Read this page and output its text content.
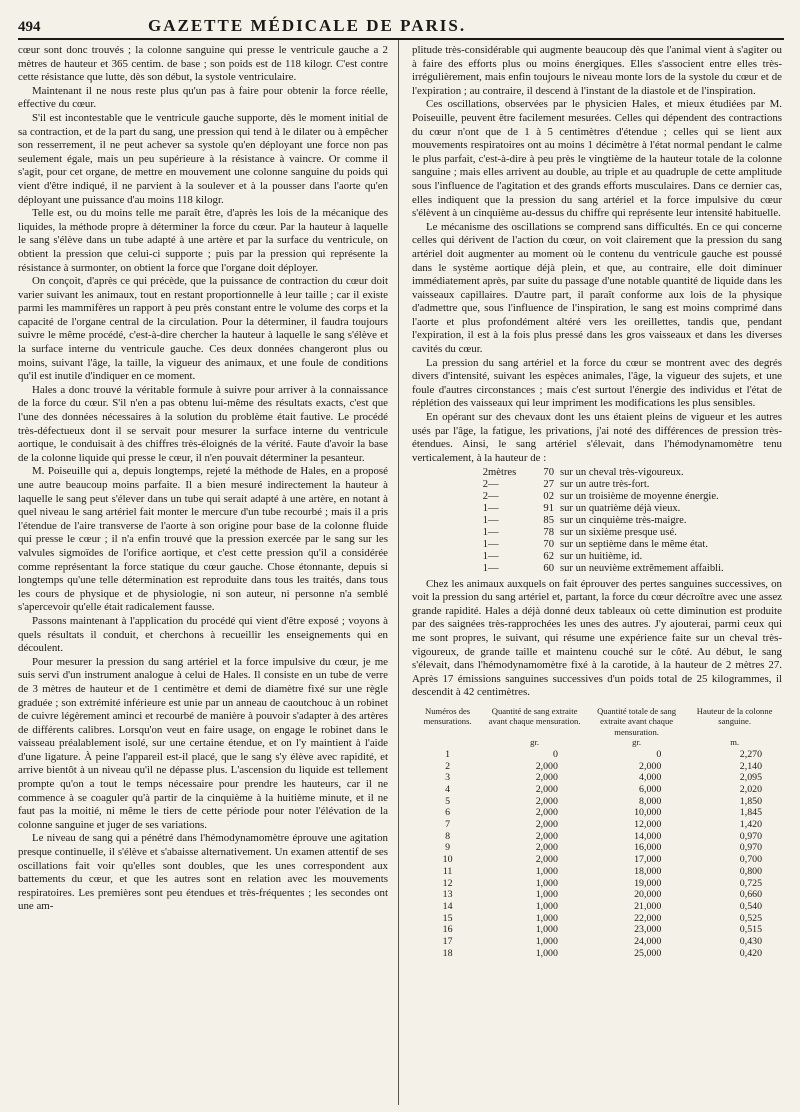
494	GAZETTE MÉDICALE DE PARIS.

cœur sont donc trouvés ; la colonne sanguine qui presse le ventricule gauche a 2 mètres de hauteur et 365 centim. de base ; son poids est de 118 kilogr. C'est contre cette résistance que lutte, dès son début, la systole ventriculaire.

Maintenant il ne nous reste plus qu'un pas à faire pour obtenir la force réelle, effective du cœur.

S'il est incontestable que le ventricule gauche supporte, dès le moment initial de sa contraction, et de la part du sang, une pression qui tend à le dilater ou à empêcher son resserrement, il ne peut achever sa systole qu'en déployant une force non pas seulement égale, mais un peu supérieure à la résistance à vaincre. Or comme il s'agit, pour cet organe, de mettre en mouvement une colonne sanguine du poids qui vient d'être indiqué, il ne parvient à la soulever et à la pousser dans l'aorte qu'en déployant une puissance d'au moins 118 kilogr.

Telle est, ou du moins telle me paraît être, d'après les lois de la mécanique des liquides, la méthode propre à déterminer la force du cœur. Par la hauteur à laquelle le sang s'élève dans un tube adapté à une artère et par la surface du ventricule, on obtient la pression que celui-ci supporte ; puis par la pression qui représente la résistance à surmonter, on obtient la force que l'organe doit déployer.

On conçoit, d'après ce qui précède, que la puissance de contraction du cœur doit varier suivant les animaux, tout en restant proportionnelle à leur taille ; car il existe parmi les mammifères un rapport à peu près constant entre le volume des corps et la capacité de l'organe central de la circulation. Pour la déterminer, il faudra toujours suivre le même procédé, c'est-à-dire chercher la hauteur à laquelle le sang s'élève et la surface interne du ventricule gauche. Ces deux données changeront plus ou moins, suivant l'âge, la taille, la vigueur des animaux, et une foule de conditions qu'il est inutile d'indiquer en ce moment.

Hales a donc trouvé la véritable formule à suivre pour arriver à la connaissance de la force du cœur. S'il n'en a pas obtenu lui-même des résultats exacts, c'est que l'une des données nécessaires à la solution du problème était fautive. Le procédé très-défectueux dont il se servait pour mesurer la surface interne du ventricule aortique, le conduisait à des chiffres très-éloignés de la vérité. Faute d'avoir la base de la colonne liquide qui presse le cœur, il n'en pouvait déterminer la pesanteur.

M. Poiseuille qui a, depuis longtemps, rejeté la méthode de Hales, en a proposé une autre beaucoup moins parfaite. Il a bien mesuré indirectement la hauteur à laquelle le sang peut s'élever dans un tube qui serait adapté à une artère, en notant à quel niveau le sang artériel fait monter le mercure d'un tube recourbé ; mais il a pris l'étendue de l'aire transverse de l'aorte à son origine pour base de la colonne fluide qui presse le cœur ; il n'a enfin trouvé que la pression exercée par le sang sur les valvules sigmoïdes de l'orifice aortique, et c'est cette pression qu'il a considérée comme représentant la force statique du cœur gauche. Chose étonnante, depuis si longtemps qu'une telle détermination est reproduite dans tous les traités, dans tous les cours de physique et de physiologie, ni son auteur, ni personne n'a semblé s'apercevoir qu'elle était radicalement fausse.

Passons maintenant à l'application du procédé qui vient d'être exposé ; voyons à quels résultats il conduit, et cherchons à recueillir les enseignements qui en découlent.

Pour mesurer la pression du sang artériel et la force impulsive du cœur, je me suis servi d'un instrument analogue à celui de Hales. Il consiste en un tube de verre de 3 mètres de hauteur et de 1 centimètre et demi de diamètre fixé sur une règle graduée ; son extrémité inférieure est unie par un anneau de caoutchouc à un robinet de cuivre légèrement aminci et recourbé de manière à pouvoir s'adapter à des artères de différents calibres. Lorsqu'on veut en faire usage, on engage le robinet dans le vaisseau préalablement isolé, sur une certaine étendue, et on l'y maintient à l'aide d'une ligature. À peine l'appareil est-il placé, que le sang s'y élève avec rapidité, et arrive bientôt à un niveau qu'il ne dépasse plus. L'ascension du liquide est tellement prompte qu'on a tout le temps nécessaire pour prendre les hauteurs, car il ne commence à se coaguler qu'à partir de la cinquième à la huitième minute, et il ne faut pas la moitié, ni même le tiers de cette période pour noter l'élévation de la colonne sanguine et juger de ses variations.

Le niveau de sang qui a pénétré dans l'hémodynamomètre éprouve une agitation presque continuelle, il s'élève et s'abaisse alternativement. Un examen attentif de ses oscillations fait voir qu'elles sont doubles, que les unes correspondent aux battements du cœur, et que les autres sont en relation avec les mouvements respiratoires. Les premières sont peu étendues et très-fréquentes ; les secondes ont une am-

plitude très-considérable qui augmente beaucoup dès que l'animal vient à s'agiter ou à faire des efforts plus ou moins énergiques. Elles s'associent entre elles très-irrégulièrement, mais enfin toujours le niveau monte lors de la systole du cœur et de l'expiration ; au contraire, il descend à l'instant de la diastole et de l'inspiration.

Ces oscillations, observées par le physicien Hales, et mieux étudiées par M. Poiseuille, peuvent être facilement mesurées. Celles qui dépendent des contractions du cœur n'ont que de 1 à 5 centimètres d'étendue ; celles qui se lient aux mouvements respiratoires ont au moins 1 décimètre à l'état normal pendant le calme le plus parfait, c'est-à-dire à peu près le vingtième de la hauteur totale de la colonne sanguine ; mais elles arrivent au double, au triple et au quadruple de cette amplitude sous l'influence de l'agitation et des grands efforts musculaires. Dans ce dernier cas, elles indiquent que la pression du sang artériel et la force impulsive du cœur s'élèvent à un cinquième au-dessus du chiffre qui représente leur intensité habituelle.

Le mécanisme des oscillations se comprend sans difficultés. En ce qui concerne celles qui dérivent de l'action du cœur, on voit clairement que la pression du sang artériel doit augmenter au moment où le contenu du ventricule gauche est poussé dans le système aortique déjà plein, et que, au contraire, elle doit diminuer immédiatement après, par suite du passage d'une notable quantité de liquide dans les vaisseaux capillaires. D'autre part, il paraît conforme aux lois de la physique d'admettre que, sous l'influence de l'inspiration, le sang est moins comprimé dans l'aorte et plus profondément altéré vers les oreillettes, tandis que, pendant l'expiration, il est à la fois plus pressé dans les gros vaisseaux et dans les diverses cavités du cœur.

La pression du sang artériel et la force du cœur se montrent avec des degrés divers d'intensité, suivant les espèces animales, l'âge, la vigueur des sujets, et une foule d'autres circonstances ; mais c'est surtout l'énergie des individus et l'état de réplétion des vaisseaux qui leur impriment les modifications les plus sensibles.

En opérant sur des chevaux dont les uns étaient pleins de vigueur et les autres usés par l'âge, la fatigue, les privations, j'ai noté des différences de pression très-étendues. Ainsi, le sang artériel s'élevait, dans l'hémodynamomètre tenu verticalement, à la hauteur de :

2 mètres	70 sur un cheval très-vigoureux.
2 —	27 sur un autre très-fort.
2 —	02 sur un troisième de moyenne énergie.
1 —	91 sur un quatrième déjà vieux.
1 —	85 sur un cinquième très-maigre.
1 —	78 sur un sixième presque usé.
1 —	70 sur un septième dans le même état.
1 —	62 sur un huitième, id.
1 —	60 sur un neuvième extrêmement affaibli.

Chez les animaux auxquels on fait éprouver des pertes sanguines successives, on voit la pression du sang artériel et, partant, la force du cœur décroître avec une assez grande rapidité. Hales a déjà donné deux tableaux où cette diminution est produite par des saignées très-rapprochées les unes des autres. J'y ajouterai, parmi ceux qui me sont propres, le suivant, qui résume une expérience faite sur un cheval très-vigoureux, de grande taille et maintenu couché sur le côté. Au début, le sang s'élevait, dans l'hémodynamomètre fixé à la carotide, à la hauteur de 2 mètres 27. Après 17 émissions sanguines successives d'un poids total de 25 kilogrammes, il descendit à 42 centimètres.

Numéros des mensurations.	Quantité de sang extraite avant chaque mensuration.	Quantité totale de sang extraite avant chaque mensuration.	Hauteur de la colonne sanguine.
	gr.	gr.	m.
1	0	0	2,270
2	2,000	2,000	2,140
3	2,000	4,000	2,095
4	2,000	6,000	2,020
5	2,000	8,000	1,850
6	2,000	10,000	1,845
7	2,000	12,000	1,420
8	2,000	14,000	0,970
9	2,000	16,000	0,970
10	2,000	17,000	0,700
11	1,000	18,000	0,800
12	1,000	19,000	0,725
13	1,000	20,000	0,660
14	1,000	21,000	0,540
15	1,000	22,000	0,525
16	1,000	23,000	0,515
17	1,000	24,000	0,430
18	1,000	25,000	0,420
